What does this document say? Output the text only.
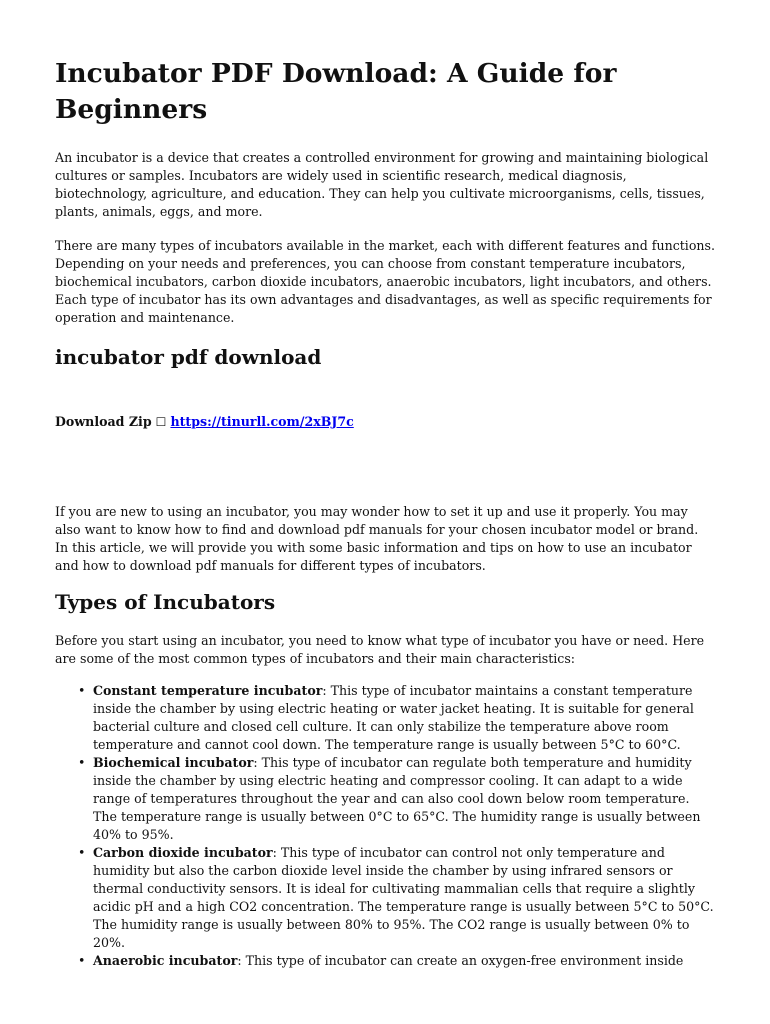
Incubator PDF Download: A Guide for Beginners

An incubator is a device that creates a controlled environment for growing and maintaining biological cultures or samples. Incubators are widely used in scientific research, medical diagnosis, biotechnology, agriculture, and education. They can help you cultivate microorganisms, cells, tissues, plants, animals, eggs, and more.

There are many types of incubators available in the market, each with different features and functions. Depending on your needs and preferences, you can choose from constant temperature incubators, biochemical incubators, carbon dioxide incubators, anaerobic incubators, light incubators, and others. Each type of incubator has its own advantages and disadvantages, as well as specific requirements for operation and maintenance.

incubator pdf download

Download Zip ☐ https://tinurll.com/2xBJ7c

If you are new to using an incubator, you may wonder how to set it up and use it properly. You may also want to know how to find and download pdf manuals for your chosen incubator model or brand. In this article, we will provide you with some basic information and tips on how to use an incubator and how to download pdf manuals for different types of incubators.

Types of Incubators

Before you start using an incubator, you need to know what type of incubator you have or need. Here are some of the most common types of incubators and their main characteristics:

• Constant temperature incubator: This type of incubator maintains a constant temperature inside the chamber by using electric heating or water jacket heating. It is suitable for general bacterial culture and closed cell culture. It can only stabilize the temperature above room temperature and cannot cool down. The temperature range is usually between 5°C to 60°C.
• Biochemical incubator: This type of incubator can regulate both temperature and humidity inside the chamber by using electric heating and compressor cooling. It can adapt to a wide range of temperatures throughout the year and can also cool down below room temperature. The temperature range is usually between 0°C to 65°C. The humidity range is usually between 40% to 95%.
• Carbon dioxide incubator: This type of incubator can control not only temperature and humidity but also the carbon dioxide level inside the chamber by using infrared sensors or thermal conductivity sensors. It is ideal for cultivating mammalian cells that require a slightly acidic pH and a high CO2 concentration. The temperature range is usually between 5°C to 50°C. The humidity range is usually between 80% to 95%. The CO2 range is usually between 0% to 20%.
• Anaerobic incubator: This type of incubator can create an oxygen-free environment inside
